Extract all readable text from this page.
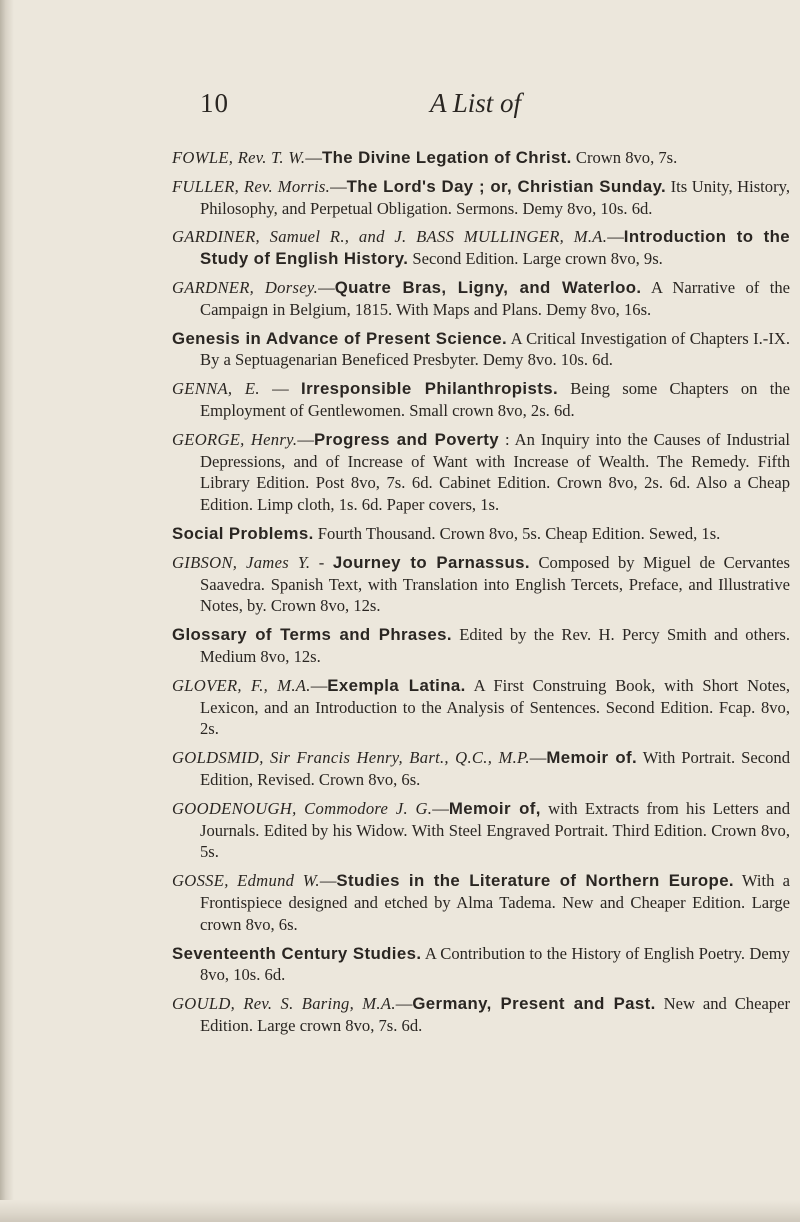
10	A List of

FOWLE, Rev. T. W.—The Divine Legation of Christ. Crown 8vo, 7s.

FULLER, Rev. Morris.—The Lord's Day ; or, Christian Sunday. Its Unity, History, Philosophy, and Perpetual Obligation. Sermons. Demy 8vo, 10s. 6d.

GARDINER, Samuel R., and J. BASS MULLINGER, M.A.—Introduction to the Study of English History. Second Edition. Large crown 8vo, 9s.

GARDNER, Dorsey.—Quatre Bras, Ligny, and Waterloo. A Narrative of the Campaign in Belgium, 1815. With Maps and Plans. Demy 8vo, 16s.

Genesis in Advance of Present Science. A Critical Investigation of Chapters I.-IX. By a Septuagenarian Beneficed Presbyter. Demy 8vo. 10s. 6d.

GENNA, E. — Irresponsible Philanthropists. Being some Chapters on the Employment of Gentlewomen. Small crown 8vo, 2s. 6d.

GEORGE, Henry.—Progress and Poverty : An Inquiry into the Causes of Industrial Depressions, and of Increase of Want with Increase of Wealth. The Remedy. Fifth Library Edition. Post 8vo, 7s. 6d. Cabinet Edition. Crown 8vo, 2s. 6d. Also a Cheap Edition. Limp cloth, 1s. 6d. Paper covers, 1s.

Social Problems. Fourth Thousand. Crown 8vo, 5s. Cheap Edition. Sewed, 1s.

GIBSON, James Y. - Journey to Parnassus. Composed by Miguel de Cervantes Saavedra. Spanish Text, with Translation into English Tercets, Preface, and Illustrative Notes, by. Crown 8vo, 12s.

Glossary of Terms and Phrases. Edited by the Rev. H. Percy Smith and others. Medium 8vo, 12s.

GLOVER, F., M.A.—Exempla Latina. A First Construing Book, with Short Notes, Lexicon, and an Introduction to the Analysis of Sentences. Second Edition. Fcap. 8vo, 2s.

GOLDSMID, Sir Francis Henry, Bart., Q.C., M.P.—Memoir of. With Portrait. Second Edition, Revised. Crown 8vo, 6s.

GOODENOUGH, Commodore J. G.—Memoir of, with Extracts from his Letters and Journals. Edited by his Widow. With Steel Engraved Portrait. Third Edition. Crown 8vo, 5s.

GOSSE, Edmund W.—Studies in the Literature of Northern Europe. With a Frontispiece designed and etched by Alma Tadema. New and Cheaper Edition. Large crown 8vo, 6s.

Seventeenth Century Studies. A Contribution to the History of English Poetry. Demy 8vo, 10s. 6d.

GOULD, Rev. S. Baring, M.A.—Germany, Present and Past. New and Cheaper Edition. Large crown 8vo, 7s. 6d.
